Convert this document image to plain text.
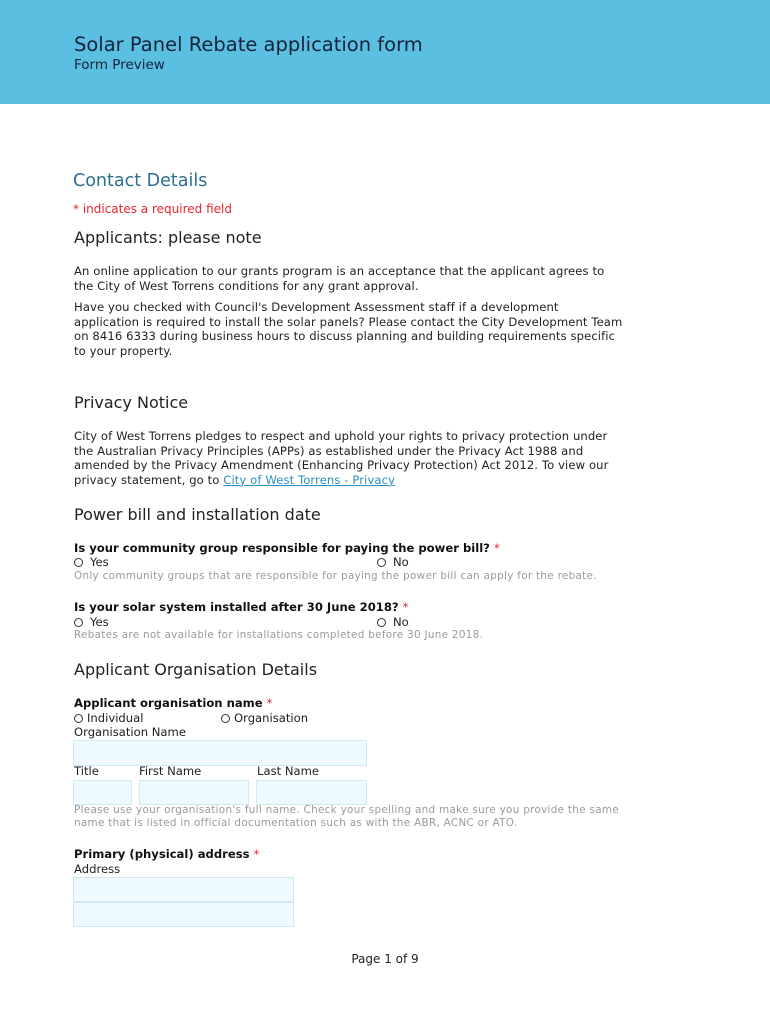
Solar Panel Rebate application form
Form Preview
Contact Details
* indicates a required field
Applicants: please note
An online application to our grants program is an acceptance that the applicant agrees to
the City of West Torrens conditions for any grant approval.
Have you checked with Council's Development Assessment staff if a development
application is required to install the solar panels? Please contact the City Development Team
on 8416 6333 during business hours to discuss planning and building requirements specific
to your property.
Privacy Notice
City of West Torrens pledges to respect and uphold your rights to privacy protection under
the Australian Privacy Principles (APPs) as established under the Privacy Act 1988 and
amended by the Privacy Amendment (Enhancing Privacy Protection) Act 2012. To view our
privacy statement, go to City of West Torrens - Privacy
Power bill and installation date
Is your community group responsible for paying the power bill? *
Yes	No
Only community groups that are responsible for paying the power bill can apply for the rebate.
Is your solar system installed after 30 June 2018? *
Yes	No
Rebates are not available for installations completed before 30 June 2018.
Applicant Organisation Details
Applicant organisation name *
Individual	Organisation
Organisation Name
Title	First Name	Last Name
Please use your organisation's full name. Check your spelling and make sure you provide the same
name that is listed in official documentation such as with the ABR, ACNC or ATO.
Primary (physical) address *
Address
Page 1 of 9
